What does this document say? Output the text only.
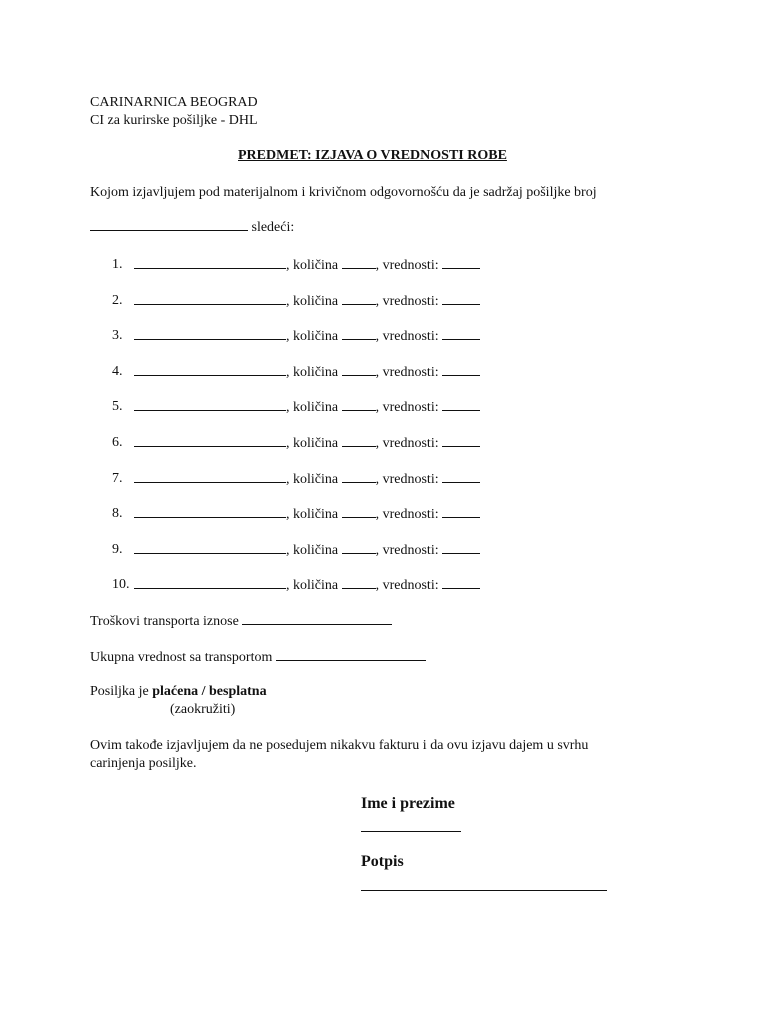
CARINARNICA BEOGRAD
CI za kurirske pošiljke - DHL
PREDMET: IZJAVA O VREDNOSTI ROBE
Kojom izjavljujem pod materijalnom i krivičnom odgovornošću da je sadržaj pošiljke broj
sledeći:
1.	, količina	, vrednosti:
2.	, količina	, vrednosti:
3.	, količina	, vrednosti:
4.	, količina	, vrednosti:
5.	, količina	, vrednosti:
6.	, količina	, vrednosti:
7.	, količina	, vrednosti:
8.	, količina	, vrednosti:
9.	, količina	, vrednosti:
10.	, količina	, vrednosti:
Troškovi transporta iznose
Ukupna vrednost sa transportom
Posiljka je plaćena / besplatna
(zaokružiti)
Ovim takođe izjavljujem da ne posedujem nikakvu fakturu i da ovu izjavu dajem u svrhu
carinjenja posiljke.
Ime i prezime
Potpis
